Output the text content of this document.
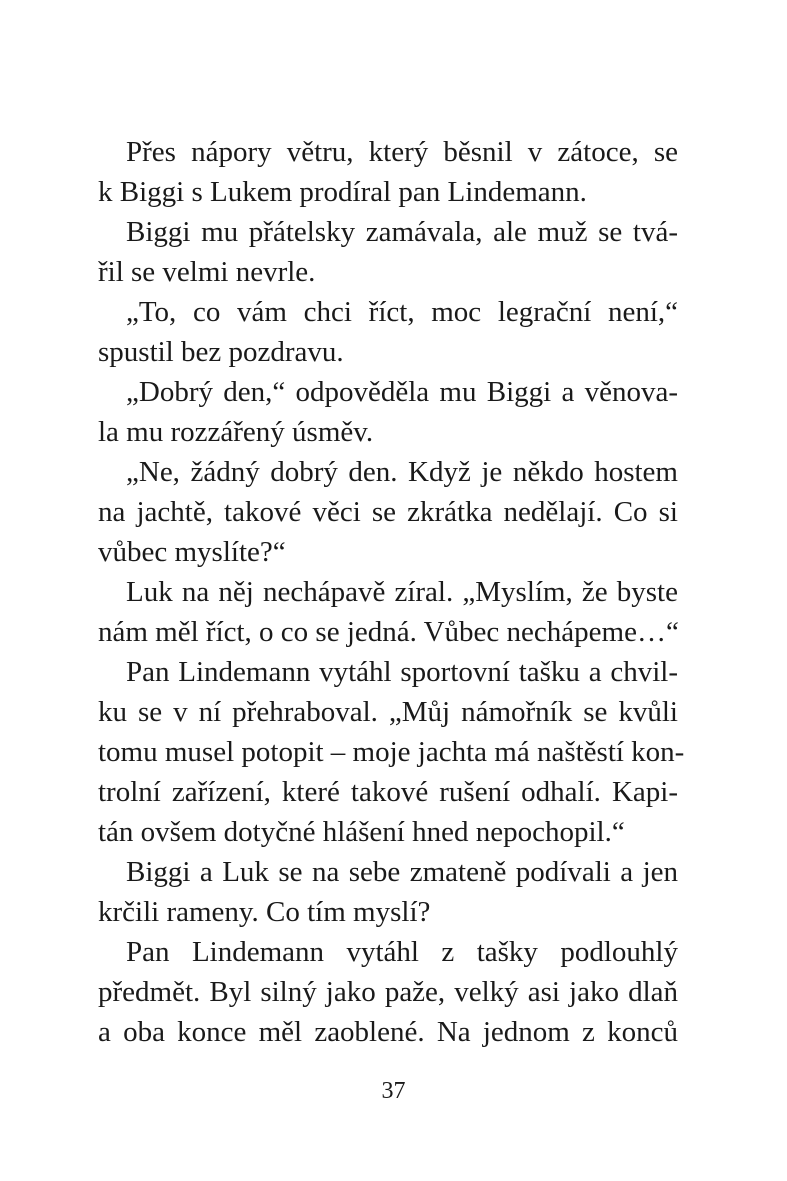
Přes nápory větru, který běsnil v zátoce, se
k Biggi s Lukem prodíral pan Lindemann.
Biggi mu přátelsky zamávala, ale muž se tvá-
řil se velmi nevrle.
„To, co vám chci říct, moc legrační není,“
spustil bez pozdravu.
„Dobrý den,“ odpověděla mu Biggi a věnova-
la mu rozzářený úsměv.
„Ne, žádný dobrý den. Když je někdo hostem
na jachtě, takové věci se zkrátka nedělají. Co si
vůbec myslíte?“
Luk na něj nechápavě zíral. „Myslím, že byste
nám měl říct, o co se jedná. Vůbec nechápeme…“
Pan Lindemann vytáhl sportovní tašku a chvil-
ku se v ní přehraboval. „Můj námořník se kvůli
tomu musel potopit – moje jachta má naštěstí kon-
trolní zařízení, které takové rušení odhalí. Kapi-
tán ovšem dotyčné hlášení hned nepochopil.“
Biggi a Luk se na sebe zmateně podívali a jen
krčili rameny. Co tím myslí?
Pan Lindemann vytáhl z tašky podlouhlý
předmět. Byl silný jako paže, velký asi jako dlaň
a oba konce měl zaoblené. Na jednom z konců
37
